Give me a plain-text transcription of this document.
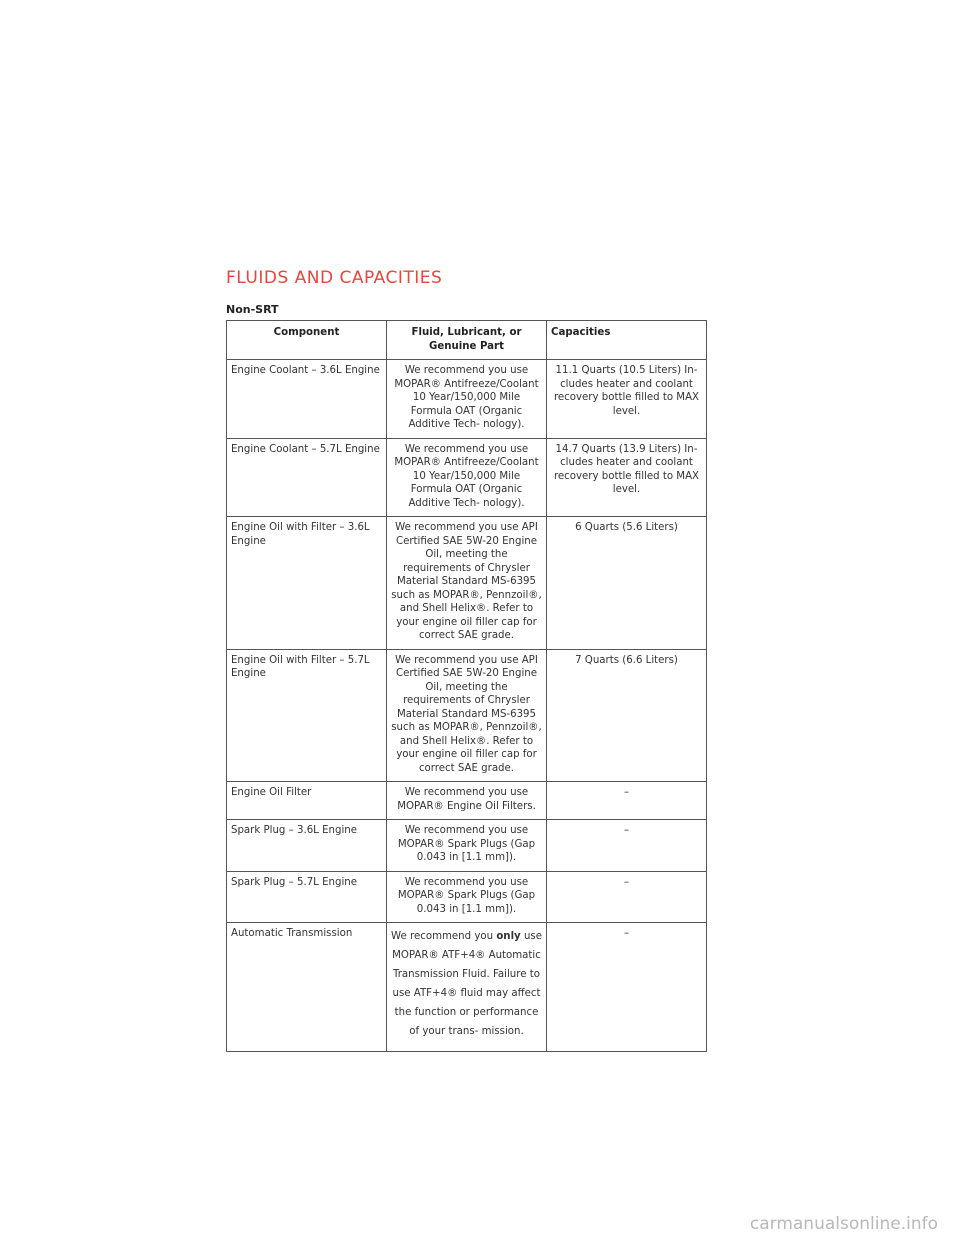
FLUIDS AND CAPACITIES
Non-SRT
Component	Fluid, Lubricant, or Genuine Part	Capacities
Engine Coolant – 3.6L Engine	We recommend you use MOPAR® Antifreeze/Coolant 10 Year/150,000 Mile Formula OAT (Organic Additive Tech- nology).	11.1 Quarts (10.5 Liters) In- cludes heater and coolant recovery bottle filled to MAX level.
Engine Coolant – 5.7L Engine	We recommend you use MOPAR® Antifreeze/Coolant 10 Year/150,000 Mile Formula OAT (Organic Additive Tech- nology).	14.7 Quarts (13.9 Liters) In- cludes heater and coolant recovery bottle filled to MAX level.
Engine Oil with Filter – 3.6L Engine	We recommend you use API Certified SAE 5W-20 Engine Oil, meeting the requirements of Chrysler Material Standard MS-6395 such as MOPAR®, Pennzoil®, and Shell Helix®. Refer to your engine oil filler cap for correct SAE grade.	6 Quarts (5.6 Liters)
Engine Oil with Filter – 5.7L Engine	We recommend you use API Certified SAE 5W-20 Engine Oil, meeting the requirements of Chrysler Material Standard MS-6395 such as MOPAR®, Pennzoil®, and Shell Helix®. Refer to your engine oil filler cap for correct SAE grade.	7 Quarts (6.6 Liters)
Engine Oil Filter	We recommend you use MOPAR® Engine Oil Filters.	–
Spark Plug – 3.6L Engine	We recommend you use MOPAR® Spark Plugs (Gap 0.043 in [1.1 mm]).	–
Spark Plug – 5.7L Engine	We recommend you use MOPAR® Spark Plugs (Gap 0.043 in [1.1 mm]).	–
Automatic Transmission	We recommend you only use MOPAR® ATF+4® Automatic Transmission Fluid. Failure to use ATF+4® fluid may affect the function or performance of your trans- mission.	–
carmanualsonline.info
